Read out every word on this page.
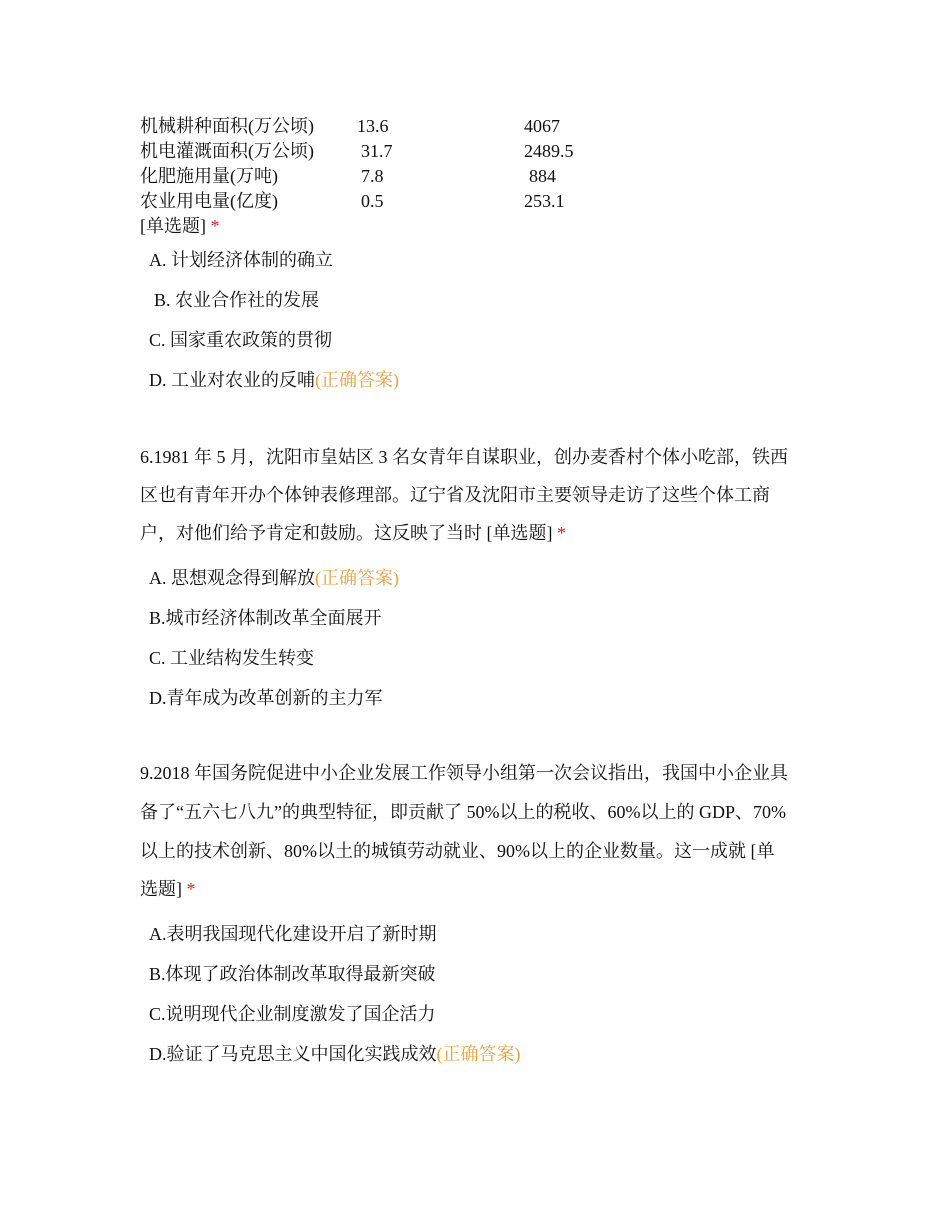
机械耕种面积(万公顷) 13.6	4067
机电灌溉面积(万公顷)	31.7	2489.5
化肥施用量(万吨)	7.8	884
农业用电量(亿度)	0.5	253.1
[单选题] *
A. 计划经济体制的确立
B. 农业合作社的发展
C. 国家重农政策的贯彻
D. 工业对农业的反哺(正确答案)
6.1981 年 5 月，沈阳市皇姑区 3 名女青年自谋职业，创办麦香村个体小吃部，铁西
区也有青年开办个体钟表修理部。辽宁省及沈阳市主要领导走访了这些个体工商
户，对他们给予肯定和鼓励。这反映了当时 [单选题] *
A. 思想观念得到解放(正确答案)
B.城市经济体制改革全面展开
C. 工业结构发生转变
D.青年成为改革创新的主力军
9.2018 年国务院促进中小企业发展工作领导小组第一次会议指出，我国中小企业具
备了“五六七八九”的典型特征，即贡献了 50%以上的税收、60%以上的 GDP、70%
以上的技术创新、80%以土的城镇劳动就业、90%以上的企业数量。这一成就 [单
选题] *
A.表明我国现代化建设开启了新时期
B.体现了政治体制改革取得最新突破
C.说明现代企业制度激发了国企活力
D.验证了马克思主义中国化实践成效(正确答案)
